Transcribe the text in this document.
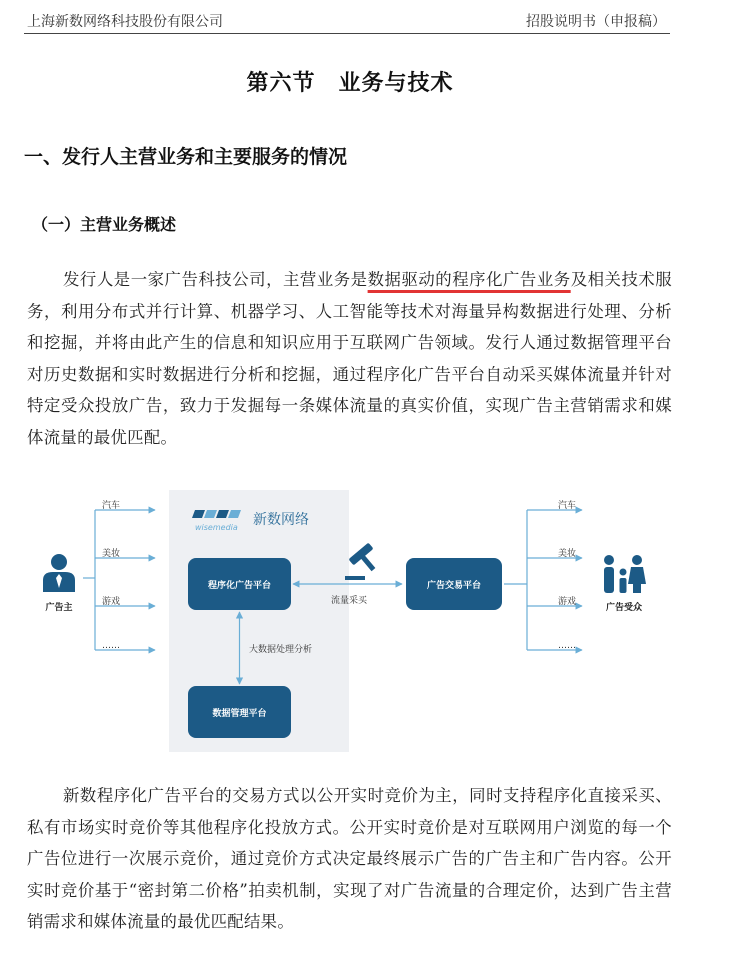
上海新数网络科技股份有限公司	招股说明书（申报稿）
第六节　业务与技术
一、发行人主营业务和主要服务的情况
（一）主营业务概述
发行人是一家广告科技公司，主营业务是数据驱动的程序化广告业务及相关技术服务，利用分布式并行计算、机器学习、人工智能等技术对海量异构数据进行处理、分析和挖掘，并将由此产生的信息和知识应用于互联网广告领域。发行人通过数据管理平台对历史数据和实时数据进行分析和挖掘，通过程序化广告平台自动采买媒体流量并针对特定受众投放广告，致力于发掘每一条媒体流量的真实价值，实现广告主营销需求和媒体流量的最优匹配。
wisemedia 新数网络
广告主
汽车
美妆
游戏
……
程序化广告平台
流量采买
广告交易平台
大数据处理分析
数据管理平台
汽车
美妆
游戏
……
广告受众
新数程序化广告平台的交易方式以公开实时竞价为主，同时支持程序化直接采买、私有市场实时竞价等其他程序化投放方式。公开实时竞价是对互联网用户浏览的每一个广告位进行一次展示竞价，通过竞价方式决定最终展示广告的广告主和广告内容。公开实时竞价基于“密封第二价格”拍卖机制，实现了对广告流量的合理定价，达到广告主营销需求和媒体流量的最优匹配结果。
